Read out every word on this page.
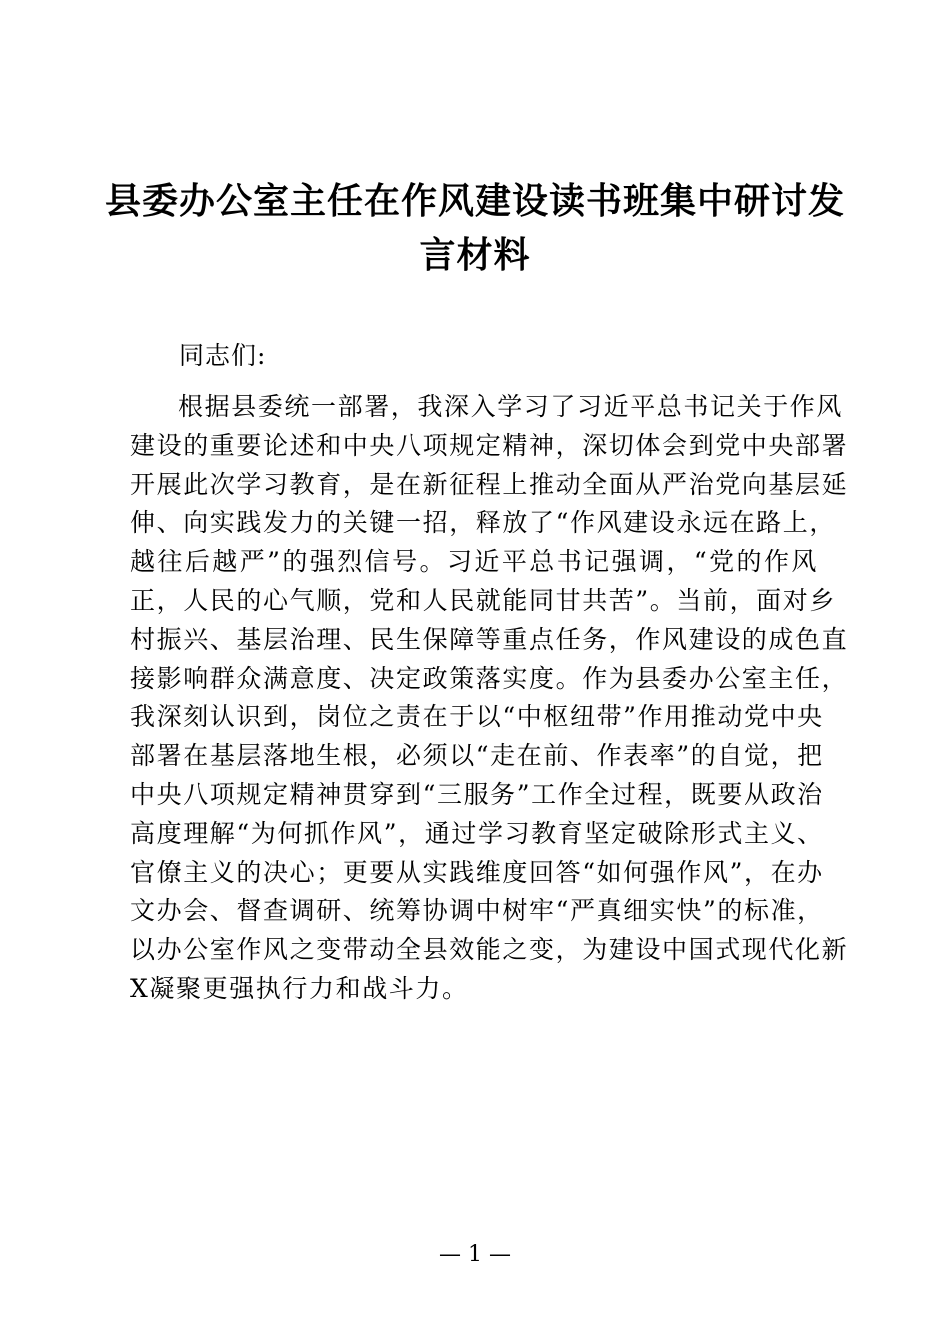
县委办公室主任在作风建设读书班集中研讨发
言材料

同志们:

根据县委统一部署，我深入学习了习近平总书记关于作风
建设的重要论述和中央八项规定精神，深切体会到党中央部署
开展此次学习教育，是在新征程上推动全面从严治党向基层延
伸、向实践发力的关键一招，释放了“作风建设永远在路上，
越往后越严”的强烈信号。习近平总书记强调，“党的作风
正，人民的心气顺，党和人民就能同甘共苦”。当前，面对乡
村振兴、基层治理、民生保障等重点任务，作风建设的成色直
接影响群众满意度、决定政策落实度。作为县委办公室主任，
我深刻认识到，岗位之责在于以“中枢纽带”作用推动党中央
部署在基层落地生根，必须以“走在前、作表率”的自觉，把
中央八项规定精神贯穿到“三服务”工作全过程，既要从政治
高度理解“为何抓作风”，通过学习教育坚定破除形式主义、
官僚主义的决心；更要从实践维度回答“如何强作风”，在办
文办会、督查调研、统筹协调中树牢“严真细实快”的标准，
以办公室作风之变带动全县效能之变，为建设中国式现代化新
X凝聚更强执行力和战斗力。

— 1 —
